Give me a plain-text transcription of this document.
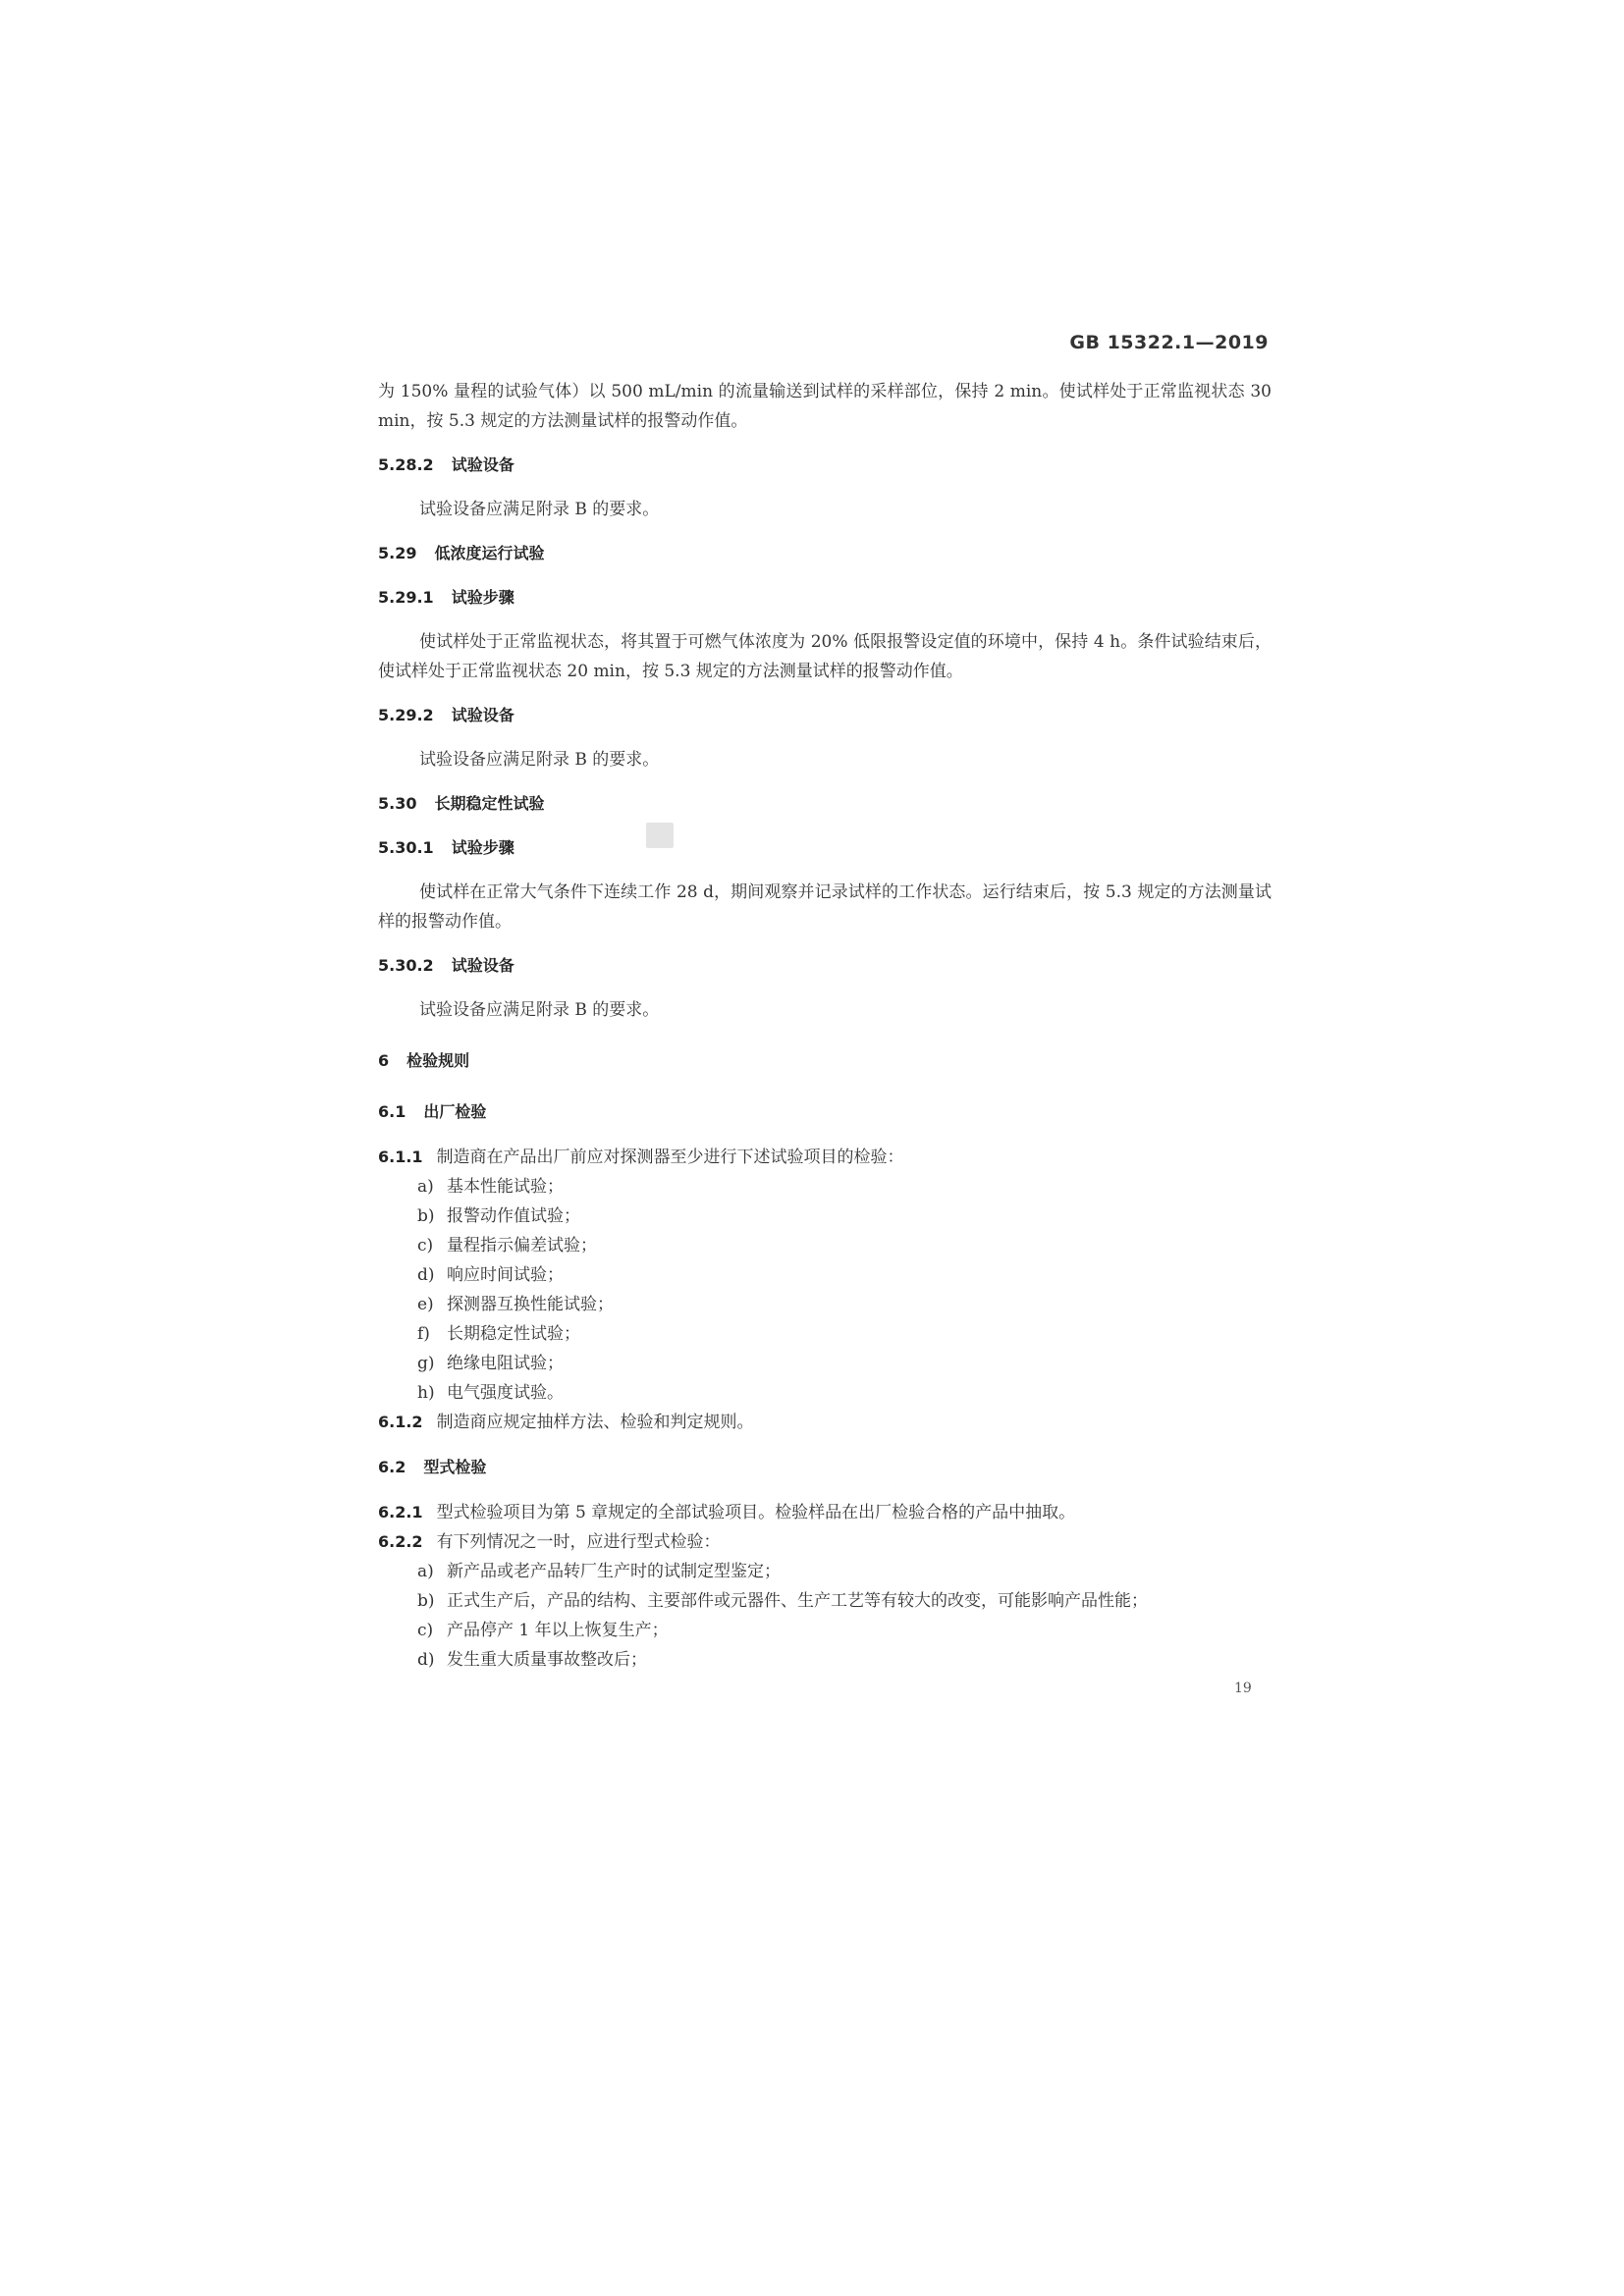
GB 15322.1—2019

为 150% 量程的试验气体）以 500 mL/min 的流量输送到试样的采样部位，保持 2 min。使试样处于正常监视状态 30 min，按 5.3 规定的方法测量试样的报警动作值。

5.28.2 试验设备

试验设备应满足附录 B 的要求。

5.29 低浓度运行试验
5.29.1 试验步骤

使试样处于正常监视状态，将其置于可燃气体浓度为 20% 低限报警设定值的环境中，保持 4 h。条件试验结束后，使试样处于正常监视状态 20 min，按 5.3 规定的方法测量试样的报警动作值。

5.29.2 试验设备

试验设备应满足附录 B 的要求。

5.30 长期稳定性试验
5.30.1 试验步骤

使试样在正常大气条件下连续工作 28 d，期间观察并记录试样的工作状态。运行结束后，按 5.3 规定的方法测量试样的报警动作值。

5.30.2 试验设备

试验设备应满足附录 B 的要求。

6 检验规则
6.1 出厂检验

6.1.1 制造商在产品出厂前应对探测器至少进行下述试验项目的检验：

a) 基本性能试验；
b) 报警动作值试验；
c) 量程指示偏差试验；
d) 响应时间试验；
e) 探测器互换性能试验；
f) 长期稳定性试验；
g) 绝缘电阻试验；
h) 电气强度试验。

6.1.2 制造商应规定抽样方法、检验和判定规则。

6.2 型式检验

6.2.1 型式检验项目为第 5 章规定的全部试验项目。检验样品在出厂检验合格的产品中抽取。

6.2.2 有下列情况之一时，应进行型式检验：

a) 新产品或老产品转厂生产时的试制定型鉴定；
b) 正式生产后，产品的结构、主要部件或元器件、生产工艺等有较大的改变，可能影响产品性能；
c) 产品停产 1 年以上恢复生产；
d) 发生重大质量事故整改后；
19
